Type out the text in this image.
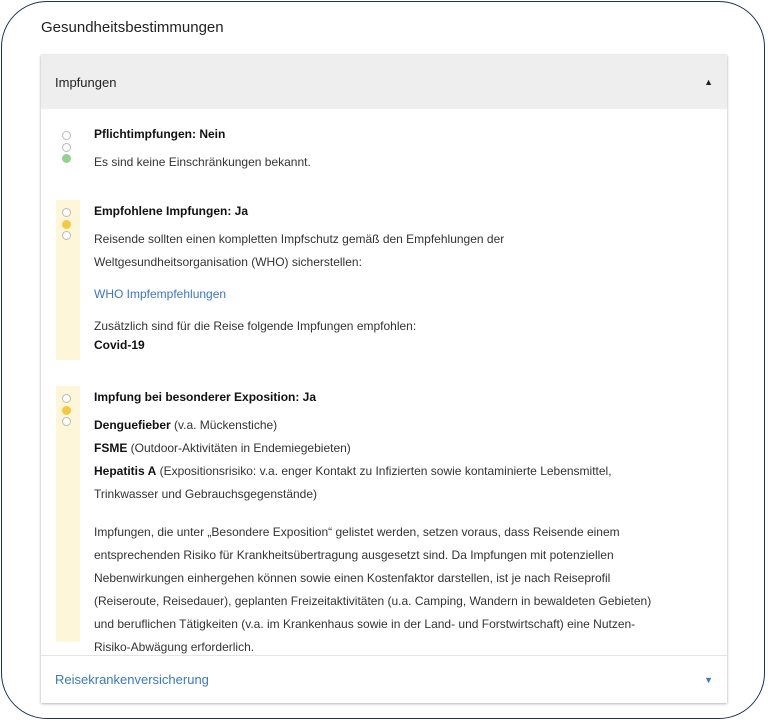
Gesundheitsbestimmungen
Impfungen	▲
Pflichtimpfungen: Nein
Es sind keine Einschränkungen bekannt.
Empfohlene Impfungen: Ja
Reisende sollten einen kompletten Impfschutz gemäß den Empfehlungen der
Weltgesundheitsorganisation (WHO) sicherstellen:
WHO Impfempfehlungen
Zusätzlich sind für die Reise folgende Impfungen empfohlen:
Covid-19
Impfung bei besonderer Exposition: Ja
Denguefieber (v.a. Mückenstiche)
FSME (Outdoor-Aktivitäten in Endemiegebieten)
Hepatitis A (Expositionsrisiko: v.a. enger Kontakt zu Infizierten sowie kontaminierte Lebensmittel,
Trinkwasser und Gebrauchsgegenstände)
Impfungen, die unter „Besondere Exposition“ gelistet werden, setzen voraus, dass Reisende einem
entsprechenden Risiko für Krankheitsübertragung ausgesetzt sind. Da Impfungen mit potenziellen
Nebenwirkungen einhergehen können sowie einen Kostenfaktor darstellen, ist je nach Reiseprofil
(Reiseroute, Reisedauer), geplanten Freizeitaktivitäten (u.a. Camping, Wandern in bewaldeten Gebieten)
und beruflichen Tätigkeiten (v.a. im Krankenhaus sowie in der Land- und Forstwirtschaft) eine Nutzen-
Risiko-Abwägung erforderlich.
Reisekrankenversicherung	▼
